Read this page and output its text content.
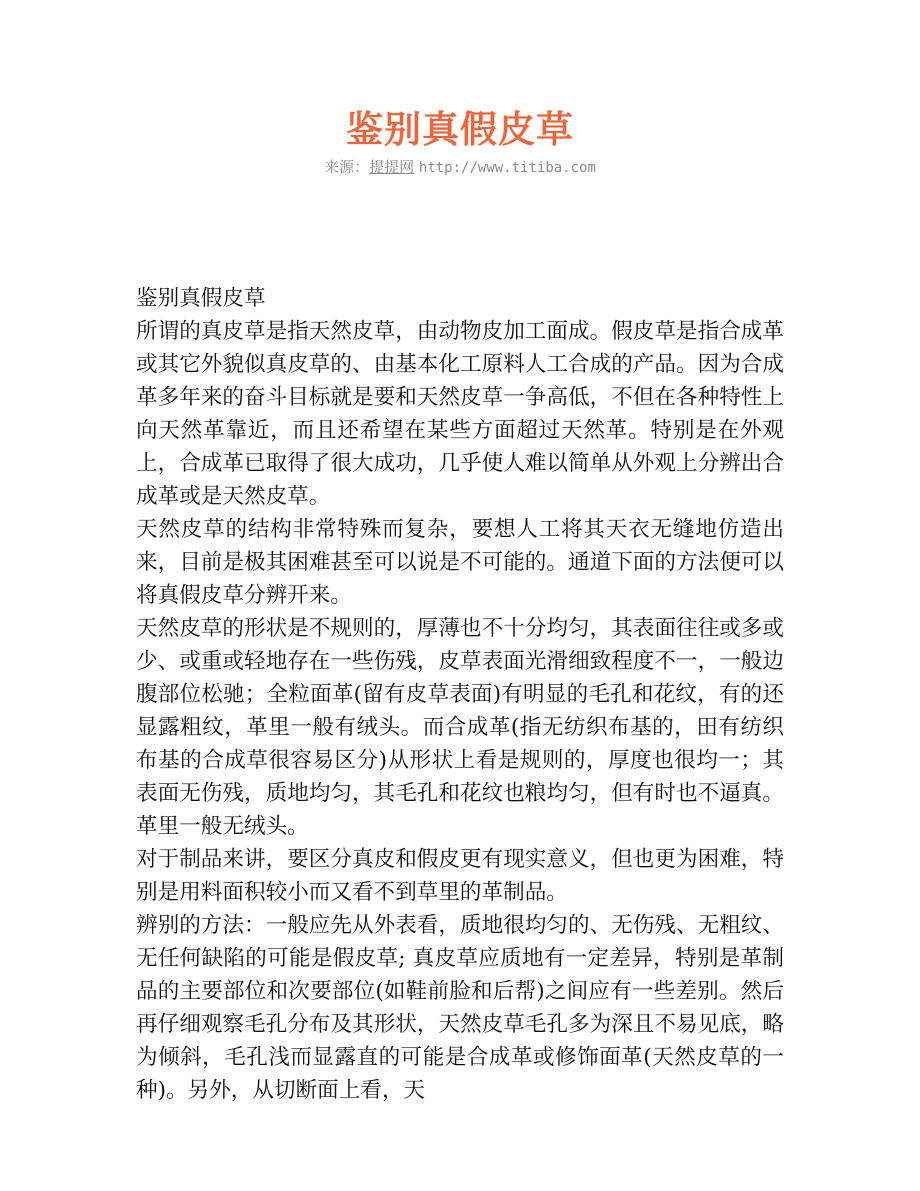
鉴别真假皮草
来源：提提网 http://www.titiba.com

鉴别真假皮草

所谓的真皮草是指天然皮草，由动物皮加工面成。假皮草是指合成革或其它外貌似真皮草的、由基本化工原料人工合成的产品。因为合成革多年来的奋斗目标就是要和天然皮草一争高低，不但在各种特性上向天然革靠近，而且还希望在某些方面超过天然革。特别是在外观上，合成革已取得了很大成功，几乎使人难以简单从外观上分辨出合成革或是天然皮草。

天然皮草的结构非常特殊而复杂，要想人工将其天衣无缝地仿造出来，目前是极其困难甚至可以说是不可能的。通道下面的方法便可以将真假皮草分辨开来。

天然皮草的形状是不规则的，厚薄也不十分均匀，其表面往往或多或少、或重或轻地存在一些伤残，皮草表面光滑细致程度不一，一般边腹部位松驰；全粒面革(留有皮草表面)有明显的毛孔和花纹，有的还显露粗纹，革里一般有绒头。而合成革(指无纺织布基的，田有纺织布基的合成草很容易区分)从形状上看是规则的，厚度也很均一；其表面无伤残，质地均匀，其毛孔和花纹也粮均匀，但有时也不逼真。革里一般无绒头。

对于制品来讲，要区分真皮和假皮更有现实意义，但也更为困难，特别是用料面积较小而又看不到草里的革制品。

辨别的方法：一般应先从外表看，质地很均匀的、无伤残、无粗纹、无任何缺陷的可能是假皮草; 真皮草应质地有一定差异，特别是革制品的主要部位和次要部位(如鞋前脸和后帮)之间应有一些差别。然后再仔细观察毛孔分布及其形状，天然皮草毛孔多为深且不易见底，略为倾斜，毛孔浅而显露直的可能是合成革或修饰面革(天然皮草的一种)。另外，从切断面上看，天
